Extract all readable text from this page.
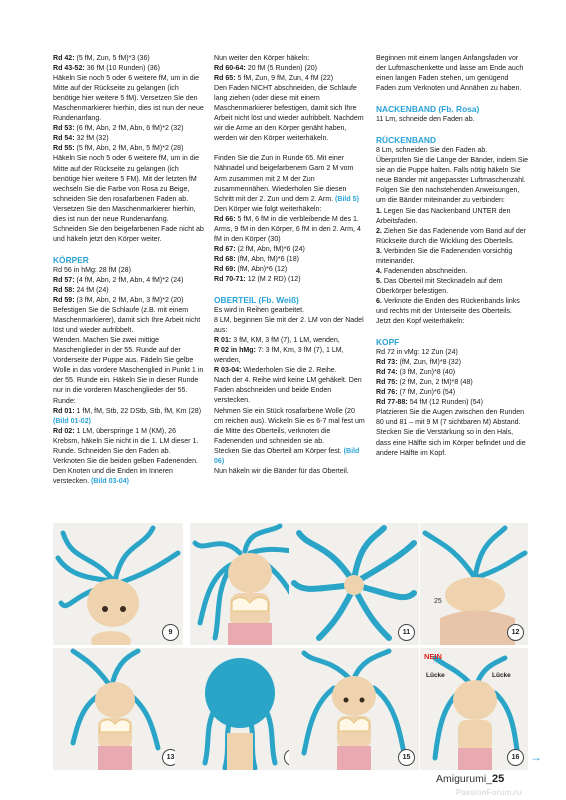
Rd 42: (5 fM, Zun, 5 fM)*3 (36)

Rd 43-52: 36 fM (10 Runden) (36)

Häkeln Sie noch 5 oder 6 weitere fM, um in die Mitte auf der Rückseite zu gelangen (ich benötige hier weitere 5 fM). Versetzen Sie den Maschenmarkierer hierhin, dies ist nun der neue Rundenanfang.

Rd 53: (6 fM, Abn, 2 fM, Abn, 6 fM)*2 (32)

Rd 54: 32 fM (32)

Rd 55: (5 fM, Abn, 2 fM, Abn, 5 fM)*2 (28)

Häkeln Sie noch 5 oder 6 weitere fM, um in die Mitte auf der Rückseite zu gelangen (ich benötige hier weitere 5 FM). Mit der letzten fM wechseln Sie die Farbe von Rosa zu Beige, schneiden Sie den rosafarbenen Faden ab. Versetzen Sie den Maschenmarkierer hierhin, dies ist nun der neue Rundenanfang.

Schneiden Sie den beigefarbenen Fade nicht ab und häkeln jetzt den Körper weiter.

KÖRPER

Rd 56 in hMg: 28 fM (28)

Rd 57: (4 fM, Abn, 2 fM, Abn, 4 fM)*2 (24)

Rd 58: 24 fM (24)

Rd 59: (3 fM, Abn, 2 fM, Abn, 3 fM)*2 (20)

Befestigen Sie die Schlaufe (z.B. mit einem Maschenmarkierer), damit sich Ihre Arbeit nicht löst und wieder aufribbelt.

Wenden. Machen Sie zwei mittige Maschenglieder in der 55. Runde auf der Vorderseite der Puppe aus. Fädeln Sie gelbe Wolle in das vordere Maschenglied in Punkt 1 in der 55. Runde ein. Häkeln Sie in dieser Runde nur in die vorderen Maschenglieder der 55. Runde:

Rd 01: 1 fM, fM, Stb, 22 DStb, Stb, fM, Km (28) (Bild 01-02)

Rd 02: 1 LM, überspringe 1 M (KM), 26 Krebsm, häkeln Sie nicht in die 1. LM dieser 1. Runde. Schneiden Sie den Faden ab. Verknoten Sie die beiden gelben Fadenenden. Den Knoten und die Enden im Inneren verstecken. (Bild 03-04)

Nun weiter den Körper häkeln:

Rd 60-64: 20 fM (5 Runden) (20)

Rd 65: 5 fM, Zun, 9 fM, Zun, 4 fM (22)

Den Faden NICHT abschneiden, die Schlaufe lang ziehen (oder diese mit einem Maschenmarkierer befestigen, damit sich Ihre Arbeit nicht löst und wieder aufribbelt. Nachdem wir die Arme an den Körper genäht haben, werden wir den Körper weiterhäkeln.

Finden Sie die Zun in Runde 65. Mit einer Nähnadel und beigefarbenem Garn 2 M vom Arm zusammen mit 2 M der Zun zusammennähen. Wiederholen Sie diesen Schritt mit der 2. Zun und dem 2. Arm. (Bild 5)

Den Körper wie folgt weiterhäkeln:

Rd 66: 5 fM, 6 fM in die verbleibende M des 1. Arms, 9 fM in den Körper, 6 fM in den 2. Arm, 4 fM in den Körper (30)

Rd 67: (2 fM, Abn, fM)*6 (24)

Rd 68: (fM, Abn, fM)*6 (18)

Rd 69: (fM, Abn)*6 (12)

Rd 70-71: 12 (M 2 RD) (12)

OBERTEIL (Fb. Weiß)

Es wird in Reihen gearbeitet.

8 LM, beginnen Sie mit der 2. LM von der Nadel aus:

R 01: 3 fM, KM, 3 fM (7), 1 LM, wenden,

R 02 in hMg: 7: 3 fM, Km, 3 fM (7), 1 LM, wenden,

R 03-04: Wiederholen Sie die 2. Reihe.

Nach der 4. Reihe wird keine LM gehäkelt. Den Faden abschneiden und beide Enden verstecken.

Nehmen Sie ein Stück rosafarbene Wolle (20 cm reichen aus). Wickeln Sie es 6-7 mal fest um die Mitte des Oberteils, verknoten die Fadenenden und schneiden sie ab.

Stecken Sie das Oberteil am Körper fest. (Bild 06)

Nun häkeln wir die Bänder für das Oberteil.

Beginnen mit einem langen Anfangsfaden vor der Luftmaschenkette und lasse am Ende auch einen langen Faden stehen, um genügend Faden zum Verknoten und Annähen zu haben.

NACKENBAND (Fb. Rosa)

11 Lm, schneide den Faden ab.

RÜCKENBAND

8 Lm, schneiden Sie den Faden ab.

Überprüfen Sie die Länge der Bänder, indem Sie sie an die Puppe halten. Falls nötig häkeln Sie neue Bänder mit angepasster Luftmaschenzahl. Folgen Sie den nachstehenden Anweisungen, um die Bänder miteinander zu verbinden:

1. Legen Sie das Nackenband UNTER den Arbeitsfaden.

2. Ziehen Sie das Fadenende vom Band auf der Rückseite durch die Wicklung des Oberteils.

3. Verbinden Sie die Fadenenden vorsichtig miteinander.

4. Fadenenden abschneiden.

5. Das Oberteil mit Stecknadeln auf dem Oberkörper befestigen.

6. Verknote die Enden des Rückenbands links und rechts mit der Unterseite des Oberteils.

Jetzt den Kopf weiterhäkeln:

KOPF

Rd 72 in vMg: 12 Zun (24)

Rd 73: (fM, Zun, fM)*8 (32)

Rd 74: (3 fM, Zun)*8 (40)

Rd 75: (2 fM, Zun, 2 fM)*8 (48)

Rd 76: (7 fM, Zun)*6 (54)

Rd 77-88: 54 fM (12 Runden) (54)

Platzieren Sie die Augen zwischen den Runden 80 und 81 – mit 9 M (7 sichtbaren M) Abstand. Stecken Sie die Verstärkung so in den Hals, dass eine Hälfte sich im Körper befindet und die andere Hälfte im Kopf.

9	11
25
12
13	15
NEIN
Lücke	Lücke
16 →
Amigurumi_25
PassionForum.ru
